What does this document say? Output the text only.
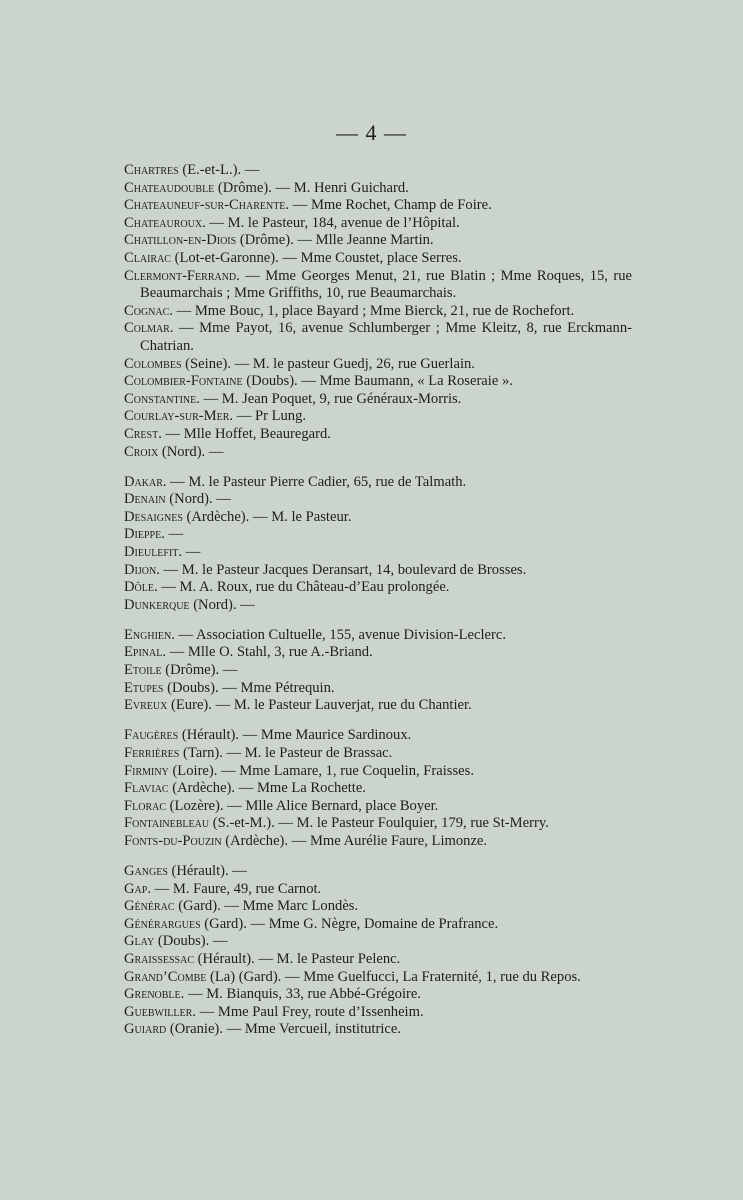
— 4 —
Chartres (E.-et-L.). —
Chateaudouble (Drôme). — M. Henri Guichard.
Chateauneuf-sur-Charente. — Mme Rochet, Champ de Foire.
Chateauroux. — M. le Pasteur, 184, avenue de l’Hôpital.
Chatillon-en-Diois (Drôme). — Mlle Jeanne Martin.
Clairac (Lot-et-Garonne). — Mme Coustet, place Serres.
Clermont-Ferrand. — Mme Georges Menut, 21, rue Blatin ; Mme Roques, 15, rue Beaumarchais ; Mme Griffiths, 10, rue Beaumarchais.
Cognac. — Mme Bouc, 1, place Bayard ; Mme Bierck, 21, rue de Rochefort.
Colmar. — Mme Payot, 16, avenue Schlumberger ; Mme Kleitz, 8, rue Erckmann-Chatrian.
Colombes (Seine). — M. le pasteur Guedj, 26, rue Guerlain.
Colombier-Fontaine (Doubs). — Mme Baumann, « La Roseraie ».
Constantine. — M. Jean Poquet, 9, rue Généraux-Morris.
Courlay-sur-Mer. — Pr Lung.
Crest. — Mlle Hoffet, Beauregard.
Croix (Nord). —
Dakar. — M. le Pasteur Pierre Cadier, 65, rue de Talmath.
Denain (Nord). —
Desaignes (Ardèche). — M. le Pasteur.
Dieppe. —
Dieulefit. —
Dijon. — M. le Pasteur Jacques Deransart, 14, boulevard de Brosses.
Dôle. — M. A. Roux, rue du Château-d’Eau prolongée.
Dunkerque (Nord). —
Enghien. — Association Cultuelle, 155, avenue Division-Leclerc.
Epinal. — Mlle O. Stahl, 3, rue A.-Briand.
Etoile (Drôme). —
Etupes (Doubs). — Mme Pétrequin.
Evreux (Eure). — M. le Pasteur Lauverjat, rue du Chantier.
Faugères (Hérault). — Mme Maurice Sardinoux.
Ferrières (Tarn). — M. le Pasteur de Brassac.
Firminy (Loire). — Mme Lamare, 1, rue Coquelin, Fraisses.
Flaviac (Ardèche). — Mme La Rochette.
Florac (Lozère). — Mlle Alice Bernard, place Boyer.
Fontainebleau (S.-et-M.). — M. le Pasteur Foulquier, 179, rue St-Merry.
Fonts-du-Pouzin (Ardèche). — Mme Aurélie Faure, Limonze.
Ganges (Hérault). —
Gap. — M. Faure, 49, rue Carnot.
Générac (Gard). — Mme Marc Londès.
Générargues (Gard). — Mme G. Nègre, Domaine de Prafrance.
Glay (Doubs). —
Graissessac (Hérault). — M. le Pasteur Pelenc.
Grand’Combe (La) (Gard). — Mme Guelfucci, La Fraternité, 1, rue du Repos.
Grenoble. — M. Bianquis, 33, rue Abbé-Grégoire.
Guebwiller. — Mme Paul Frey, route d’Issenheim.
Guiard (Oranie). — Mme Vercueil, institutrice.
